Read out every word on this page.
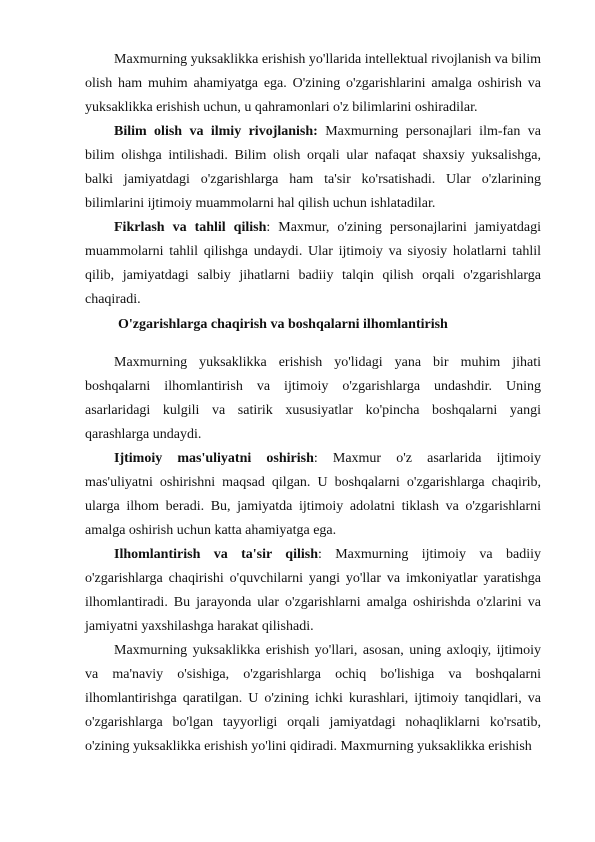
Maxmurning yuksaklikka erishish yo'llarida intellektual rivojlanish va bilim olish ham muhim ahamiyatga ega. O'zining o'zgarishlarini amalga oshirish va yuksaklikka erishish uchun, u qahramonlari o'z bilimlarini oshiradilar.

Bilim olish va ilmiy rivojlanish: Maxmurning personajlari ilm-fan va bilim olishga intilishadi. Bilim olish orqali ular nafaqat shaxsiy yuksalishga, balki jamiyatdagi o'zgarishlarga ham ta'sir ko'rsatishadi. Ular o'zlarining bilimlarini ijtimoiy muammolarni hal qilish uchun ishlatadilar.

Fikrlash va tahlil qilish: Maxmur, o'zining personajlarini jamiyatdagi muammolarni tahlil qilishga undaydi. Ular ijtimoiy va siyosiy holatlarni tahlil qilib, jamiyatdagi salbiy jihatlarni badiiy talqin qilish orqali o'zgarishlarga chaqiradi.

O'zgarishlarga chaqirish va boshqalarni ilhomlantirish

Maxmurning yuksaklikka erishish yo'lidagi yana bir muhim jihati boshqalarni ilhomlantirish va ijtimoiy o'zgarishlarga undashdir. Uning asarlaridagi kulgili va satirik xususiyatlar ko'pincha boshqalarni yangi qarashlarga undaydi.

Ijtimoiy mas'uliyatni oshirish: Maxmur o'z asarlarida ijtimoiy mas'uliyatni oshirishni maqsad qilgan. U boshqalarni o'zgarishlarga chaqirib, ularga ilhom beradi. Bu, jamiyatda ijtimoiy adolatni tiklash va o'zgarishlarni amalga oshirish uchun katta ahamiyatga ega.

Ilhomlantirish va ta'sir qilish: Maxmurning ijtimoiy va badiiy o'zgarishlarga chaqirishi o'quvchilarni yangi yo'llar va imkoniyatlar yaratishga ilhomlantiradi. Bu jarayonda ular o'zgarishlarni amalga oshirishda o'zlarini va jamiyatni yaxshilashga harakat qilishadi.

Maxmurning yuksaklikka erishish yo'llari, asosan, uning axloqiy, ijtimoiy va ma'naviy o'sishiga, o'zgarishlarga ochiq bo'lishiga va boshqalarni ilhomlantirishga qaratilgan. U o'zining ichki kurashlari, ijtimoiy tanqidlari, va o'zgarishlarga bo'lgan tayyorligi orqali jamiyatdagi nohaqliklarni ko'rsatib, o'zining yuksaklikka erishish yo'lini qidiradi. Maxmurning yuksaklikka erishish
